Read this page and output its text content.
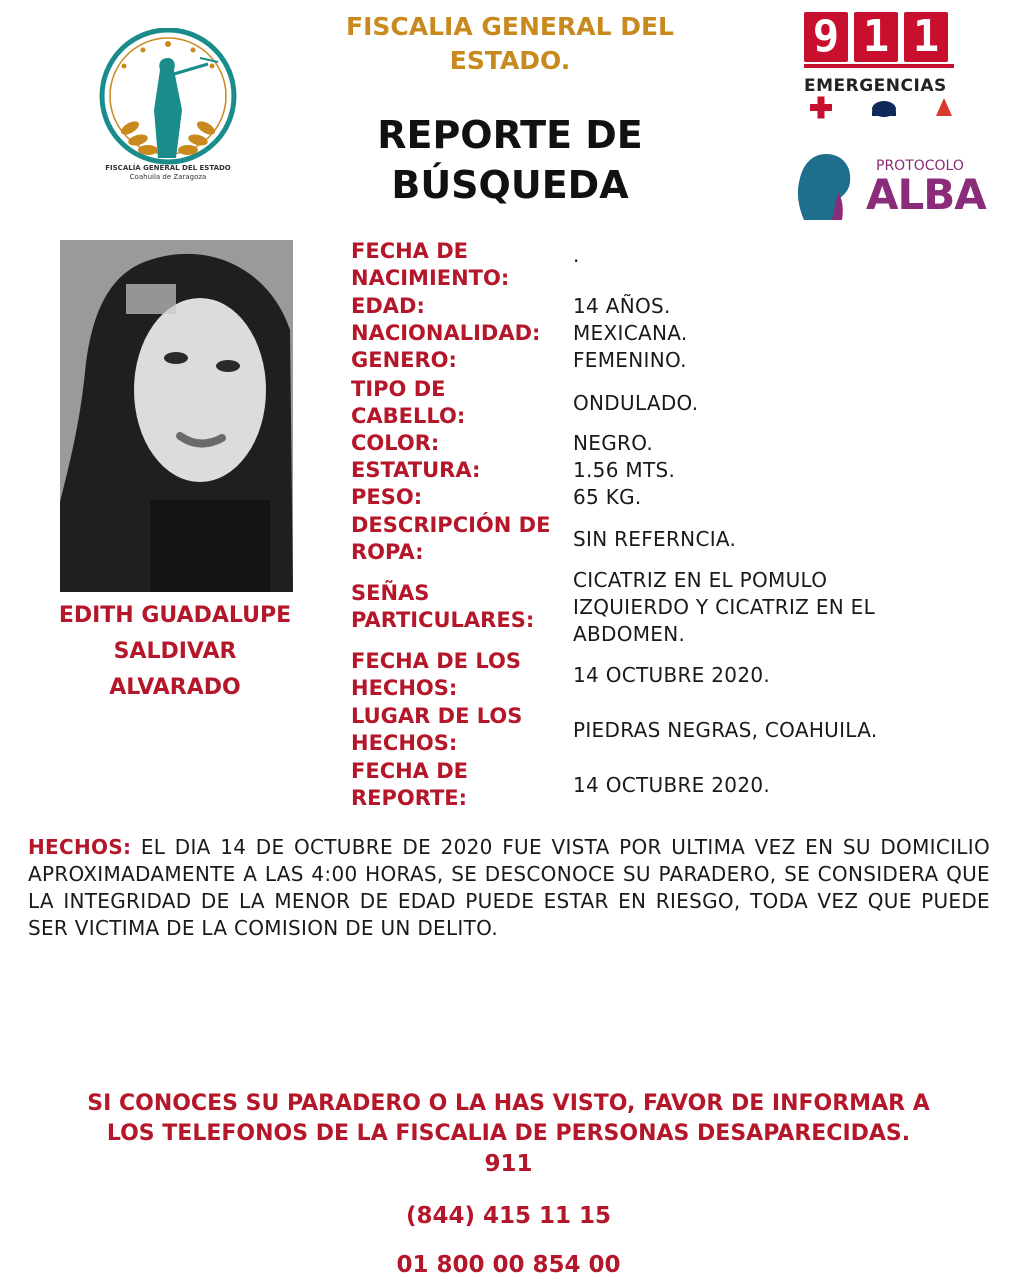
FISCALÍA GENERAL DEL ESTADO
Coahuila de Zaragoza
FISCALIA GENERAL DEL
ESTADO.
REPORTE DE
BÚSQUEDA
9 1 1
EMERGENCIAS
PROTOCOLO
ALBA
EDITH GUADALUPE
SALDIVAR
ALVARADO
FECHA DE
NACIMIENTO:
.
EDAD:	14 AÑOS.
NACIONALIDAD:	MEXICANA.
GENERO:	FEMENINO.
TIPO DE
CABELLO:
ONDULADO.
COLOR:	NEGRO.
ESTATURA:	1.56 MTS.
PESO:	65 KG.
DESCRIPCIÓN DE
ROPA:
SIN REFERNCIA.
SEÑAS
PARTICULARES:
CICATRIZ EN EL POMULO IZQUIERDO Y CICATRIZ EN EL ABDOMEN.
FECHA DE LOS
HECHOS:
14 OCTUBRE 2020.
LUGAR DE LOS
HECHOS:
PIEDRAS NEGRAS, COAHUILA.
FECHA DE
REPORTE:
14 OCTUBRE 2020.
HECHOS: EL DIA 14 DE OCTUBRE DE 2020 FUE VISTA POR ULTIMA VEZ EN SU DOMICILIO APROXIMADAMENTE A LAS 4:00 HORAS, SE DESCONOCE SU PARADERO, SE CONSIDERA QUE LA INTEGRIDAD DE LA MENOR DE EDAD PUEDE ESTAR EN RIESGO, TODA VEZ QUE PUEDE SER VICTIMA DE LA COMISION DE UN DELITO.
SI CONOCES SU PARADERO O LA HAS VISTO, FAVOR DE INFORMAR A
LOS TELEFONOS DE LA FISCALIA DE PERSONAS DESAPARECIDAS.
911
(844) 415 11 15
01 800 00 854 00
